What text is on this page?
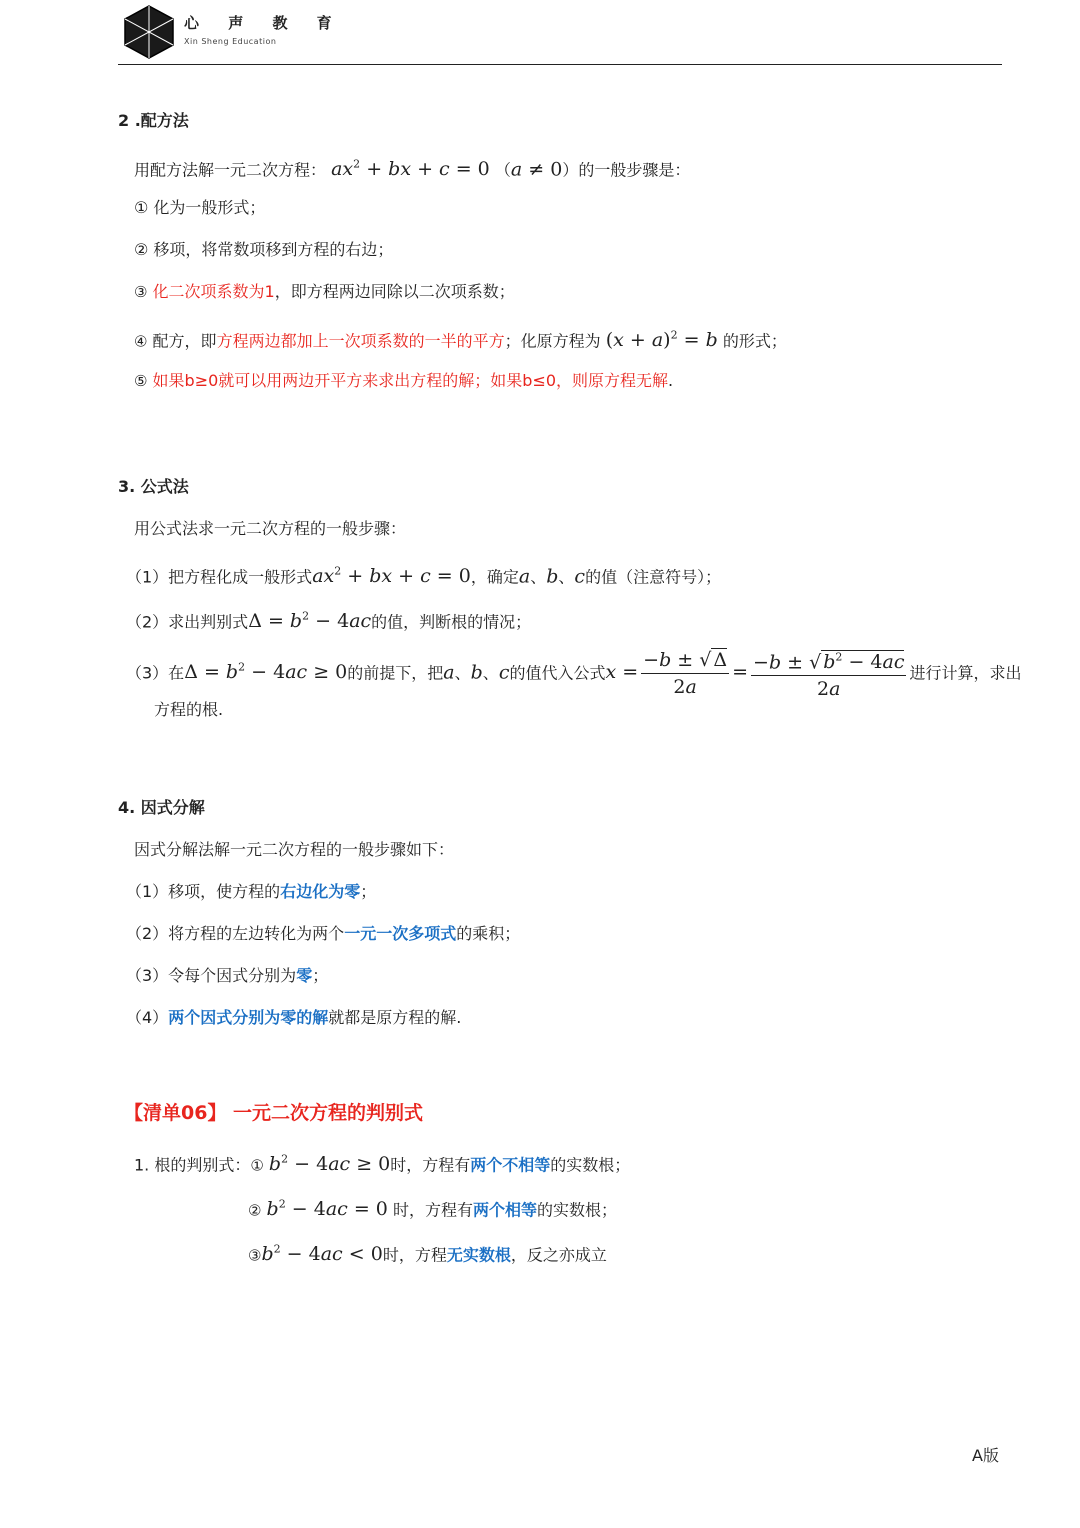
心 声 教 育
Xin Sheng Education
2 .配方法
用配方法解一元二次方程： $ax^2$ + bx + c = 0 （a ≠ 0）的一般步骤是：
① 化为一般形式；
② 移项，将常数项移到方程的右边；
③ 化二次项系数为1，即方程两边同除以二次项系数；
④ 配方，即方程两边都加上一次项系数的一半的平方；化原方程为 $(x + a)^2 = b$ 的形式；
⑤ 如果b≥0就可以用两边开平方来求出方程的解；如果b≤0，则原方程无解.
3. 公式法
用公式法求一元二次方程的一般步骤：
（1）把方程化成一般形式$ax^2$ + bx + c = 0，确定a、b、c的值（注意符号）；
（2）求出判别式$\Delta = b^2 - 4ac$的值，判断根的情况；
（3）在$\Delta = b^2 - 4ac \ge 0$的前提下，把a、b、c的值代入公式$x = \frac{-b \pm √ \Delta}{2a} = \frac{-b \pm √ b^2 - 4ac}{2a}$ 进行计算，求出
方程的根.
4. 因式分解
因式分解法解一元二次方程的一般步骤如下：
（1）移项，使方程的右边化为零；
（2）将方程的左边转化为两个一元一次多项式的乘积；
（3）令每个因式分别为零；
（4）两个因式分别为零的解就都是原方程的解.
【清单06】 一元二次方程的判别式
1. 根的判别式：① $b^2 - 4ac \ge 0$时，方程有两个不相等的实数根；
② $b^2 - 4ac = 0$ 时，方程有两个相等的实数根；
$③b^2 - 4ac < 0$时，方程无实数根，反之亦成立
A版
